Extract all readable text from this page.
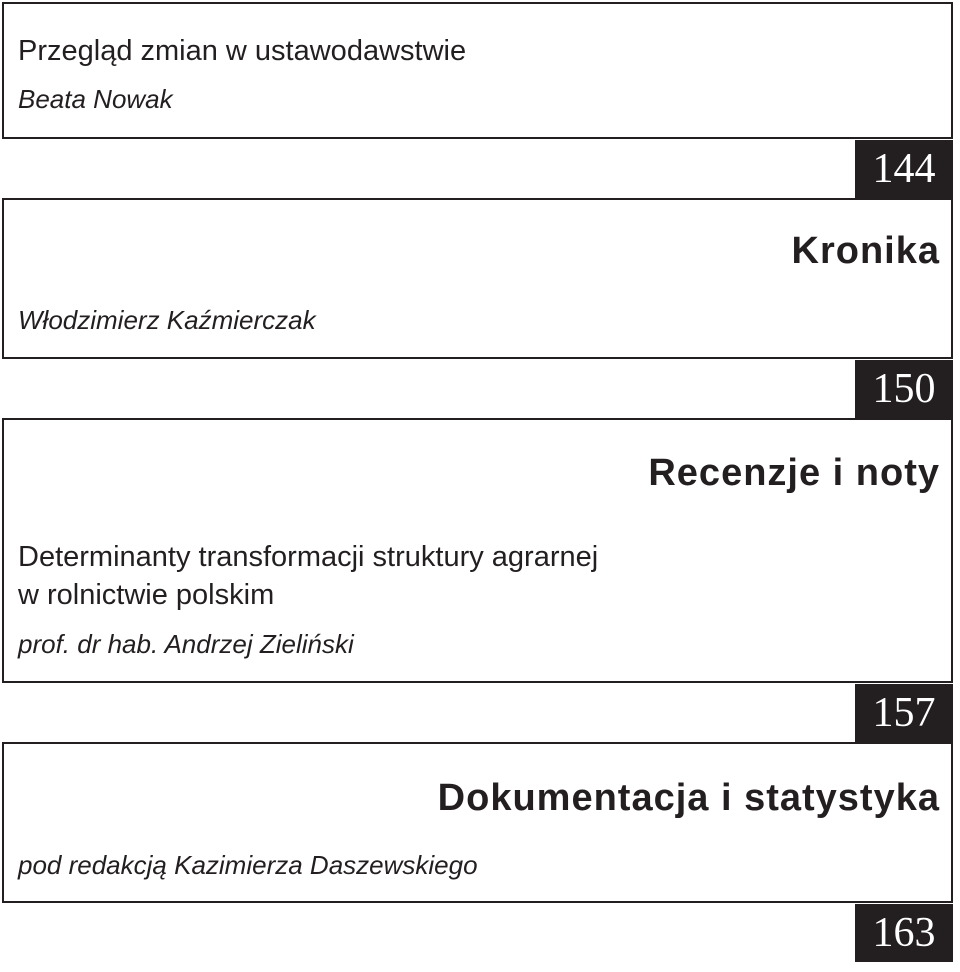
Przegląd zmian w ustawodawstwie
Beata Nowak
144
Kronika
Włodzimierz Kaźmierczak
150
Recenzje i noty
Determinanty transformacji struktury agrarnej
w rolnictwie polskim
prof. dr hab. Andrzej Zieliński
157
Dokumentacja i statystyka
pod redakcją Kazimierza Daszewskiego
163
